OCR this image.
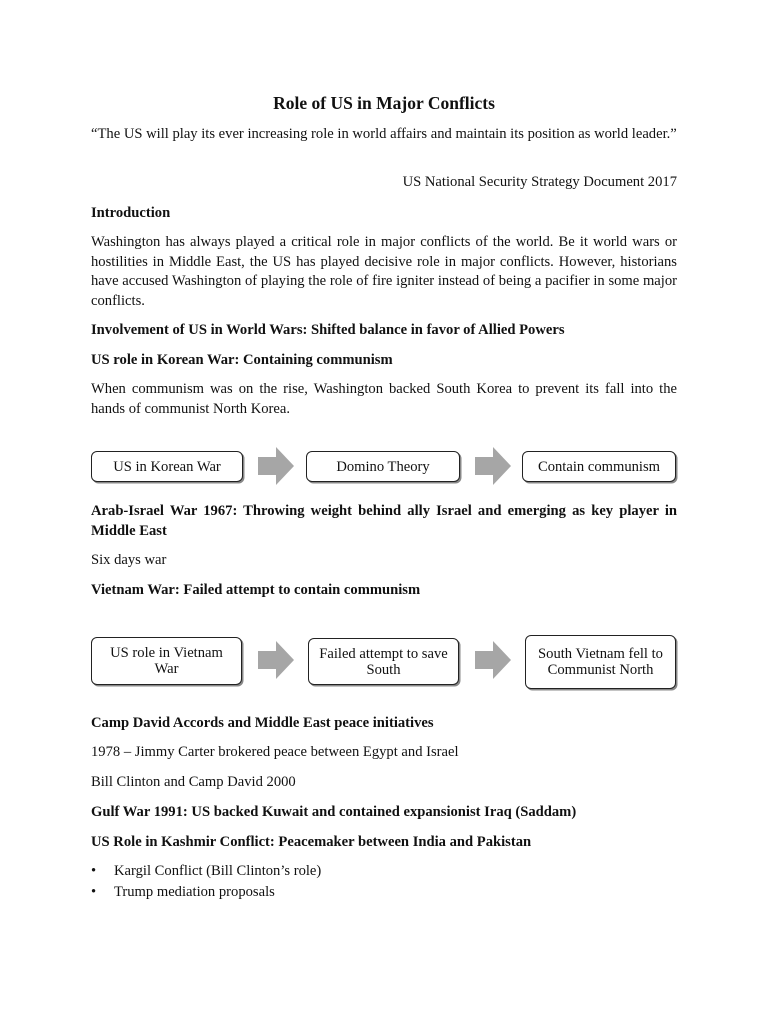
Role of US in Major Conflicts
“The US will play its ever increasing role in world affairs and maintain its position as world leader.”
US National Security Strategy Document 2017
Introduction
Washington has always played a critical role in major conflicts of the world. Be it world wars or hostilities in Middle East, the US has played decisive role in major conflicts. However, historians have accused Washington of playing the role of fire igniter instead of being a pacifier in some major conflicts.
Involvement of US in World Wars: Shifted balance in favor of Allied Powers
US role in Korean War: Containing communism
When communism was on the rise, Washington backed South Korea to prevent its fall into the hands of communist North Korea.
US in Korean War	Domino Theory	Contain communism
Arab-Israel War 1967: Throwing weight behind ally Israel and emerging as key player in Middle East
Six days war
Vietnam War: Failed attempt to contain communism
US role in Vietnam War
Failed attempt to save South
South Vietnam fell to Communist North
Camp David Accords and Middle East peace initiatives
1978 – Jimmy Carter brokered peace between Egypt and Israel
Bill Clinton and Camp David 2000
Gulf War 1991: US backed Kuwait and contained expansionist Iraq (Saddam)
US Role in Kashmir Conflict: Peacemaker between India and Pakistan
• Kargil Conflict (Bill Clinton’s role)
• Trump mediation proposals
